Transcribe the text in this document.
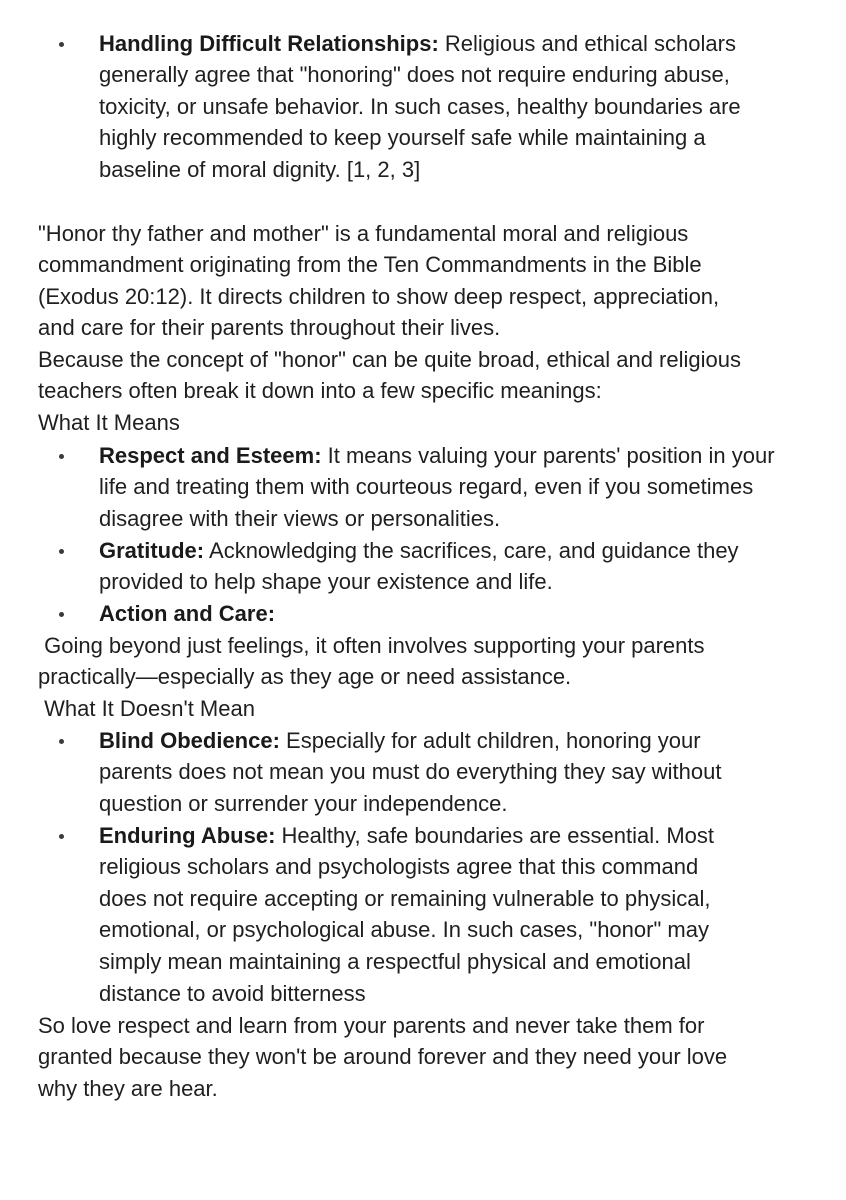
Handling Difficult Relationships: Religious and ethical scholars
generally agree that "honoring" does not require enduring abuse,
toxicity, or unsafe behavior. In such cases, healthy boundaries are
highly recommended to keep yourself safe while maintaining a
baseline of moral dignity. [1, 2, 3]
"Honor thy father and mother" is a fundamental moral and religious
commandment originating from the Ten Commandments in the Bible
(Exodus 20:12). It directs children to show deep respect, appreciation,
and care for their parents throughout their lives.
Because the concept of "honor" can be quite broad, ethical and religious
teachers often break it down into a few specific meanings:
What It Means
Respect and Esteem: It means valuing your parents' position in your
life and treating them with courteous regard, even if you sometimes
disagree with their views or personalities.
Gratitude: Acknowledging the sacrifices, care, and guidance they
provided to help shape your existence and life.
Action and Care:
Going beyond just feelings, it often involves supporting your parents
practically—especially as they age or need assistance.
What It Doesn't Mean
Blind Obedience: Especially for adult children, honoring your
parents does not mean you must do everything they say without
question or surrender your independence.
Enduring Abuse: Healthy, safe boundaries are essential. Most
religious scholars and psychologists agree that this command
does not require accepting or remaining vulnerable to physical,
emotional, or psychological abuse. In such cases, "honor" may
simply mean maintaining a respectful physical and emotional
distance to avoid bitterness
So love respect and learn from your parents and never take them for
granted because they won't be around forever and they need your love
why they are hear.
